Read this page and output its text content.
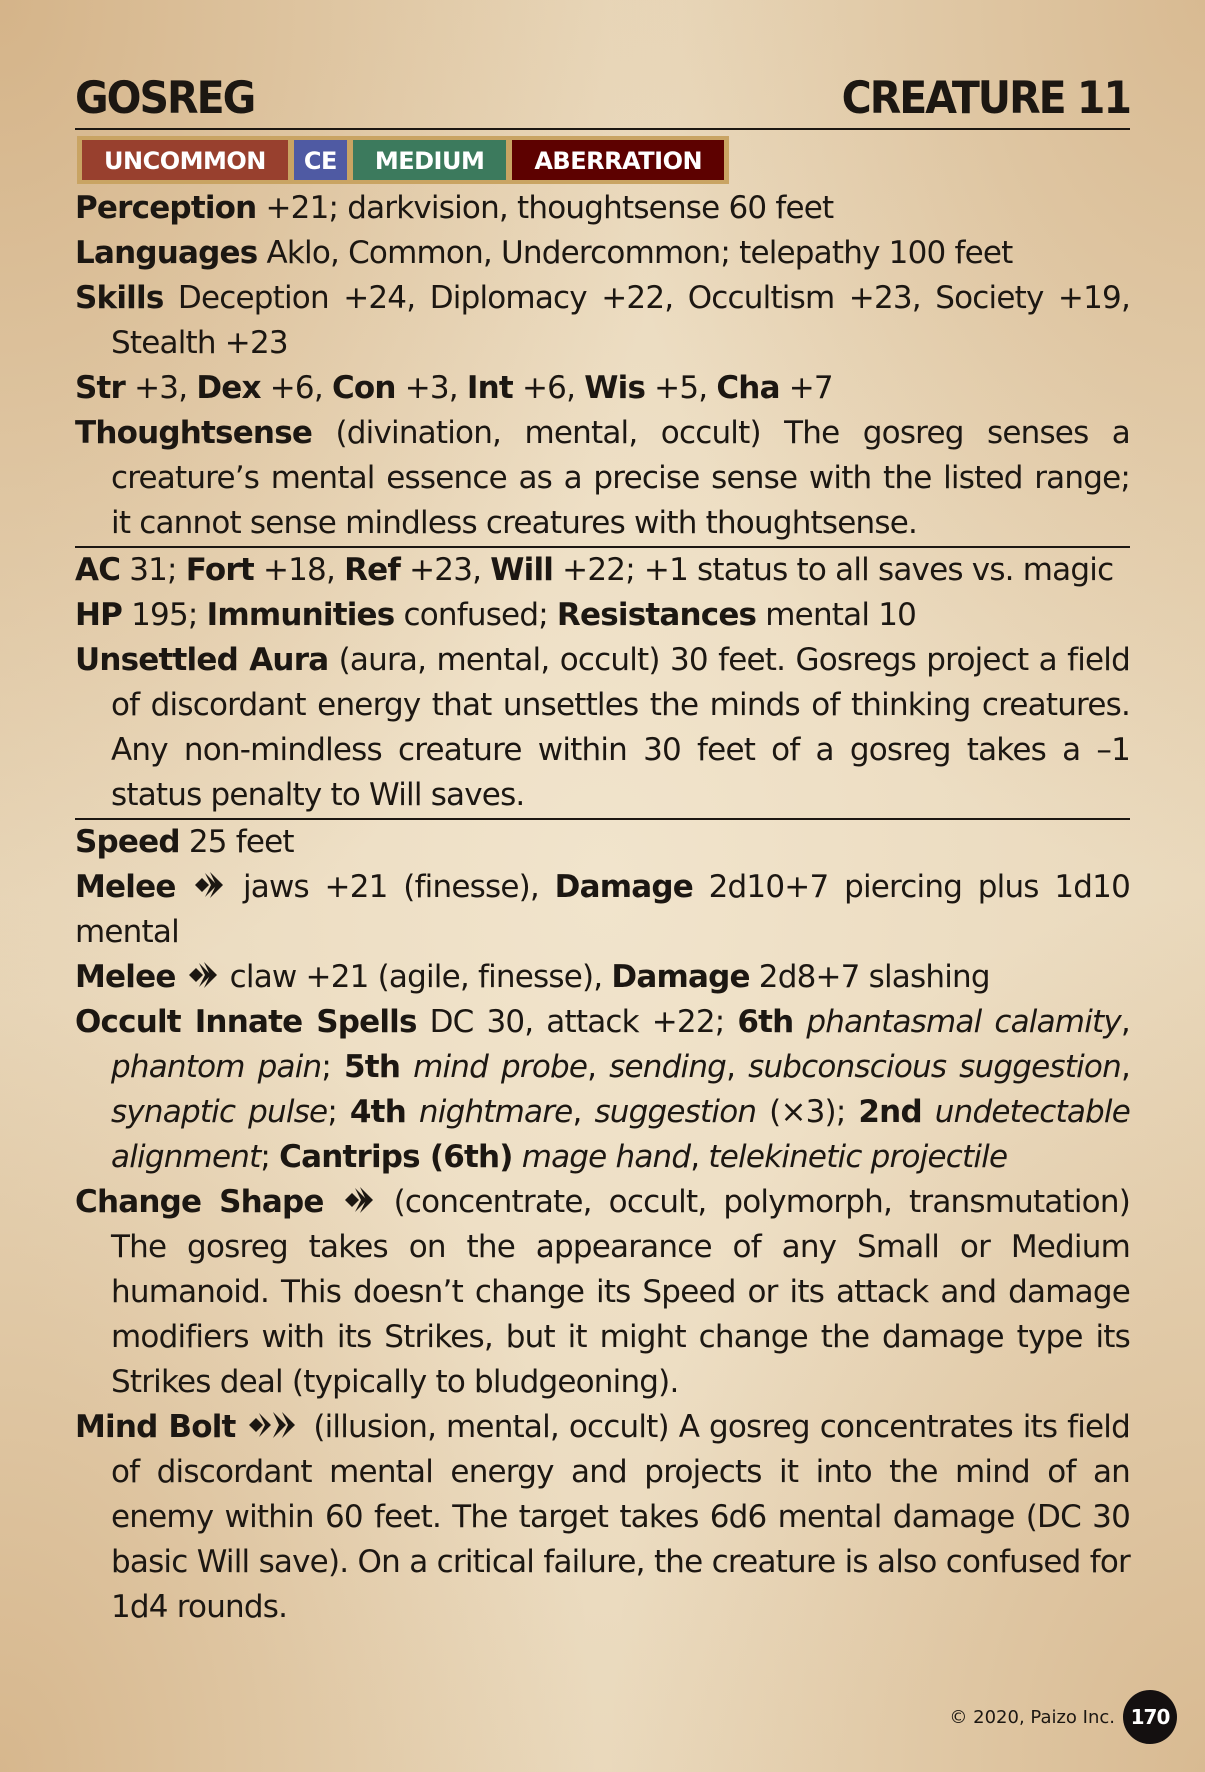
GOSREG	CREATURE 11
UNCOMMON	CE	MEDIUM	ABERRATION
Perception +21; darkvision, thoughtsense 60 feet
Languages Aklo, Common, Undercommon; telepathy 100 feet
Skills Deception +24, Diplomacy +22, Occultism +23, Society +19, Stealth +23
Str +3, Dex +6, Con +3, Int +6, Wis +5, Cha +7
Thoughtsense (divination, mental, occult) The gosreg senses a creature’s mental essence as a precise sense with the listed range; it cannot sense mindless creatures with thoughtsense.
AC 31; Fort +18, Ref +23, Will +22; +1 status to all saves vs. magic
HP 195; Immunities confused; Resistances mental 10
Unsettled Aura (aura, mental, occult) 30 feet. Gosregs project a field of discordant energy that unsettles the minds of thinking creatures. Any non-mindless creature within 30 feet of a gosreg takes a –1 status penalty to Will saves.
Speed 25 feet
Melee  jaws +21 (finesse), Damage 2d10+7 piercing plus 1d10 mental
Melee  claw +21 (agile, finesse), Damage 2d8+7 slashing
Occult Innate Spells DC 30, attack +22; 6th phantasmal calamity, phantom pain; 5th mind probe, sending, subconscious suggestion, synaptic pulse; 4th nightmare, suggestion (×3); 2nd undetectable alignment; Cantrips (6th) mage hand, telekinetic projectile
Change Shape  (concentrate, occult, polymorph, transmutation) The gosreg takes on the appearance of any Small or Medium humanoid. This doesn’t change its Speed or its attack and damage modifiers with its Strikes, but it might change the damage type its Strikes deal (typically to bludgeoning).
Mind Bolt  (illusion, mental, occult) A gosreg concentrates its field of discordant mental energy and projects it into the mind of an enemy within 60 feet. The target takes 6d6 mental damage (DC 30 basic Will save). On a critical failure, the creature is also confused for 1d4 rounds.
© 2020, Paizo Inc. 170
